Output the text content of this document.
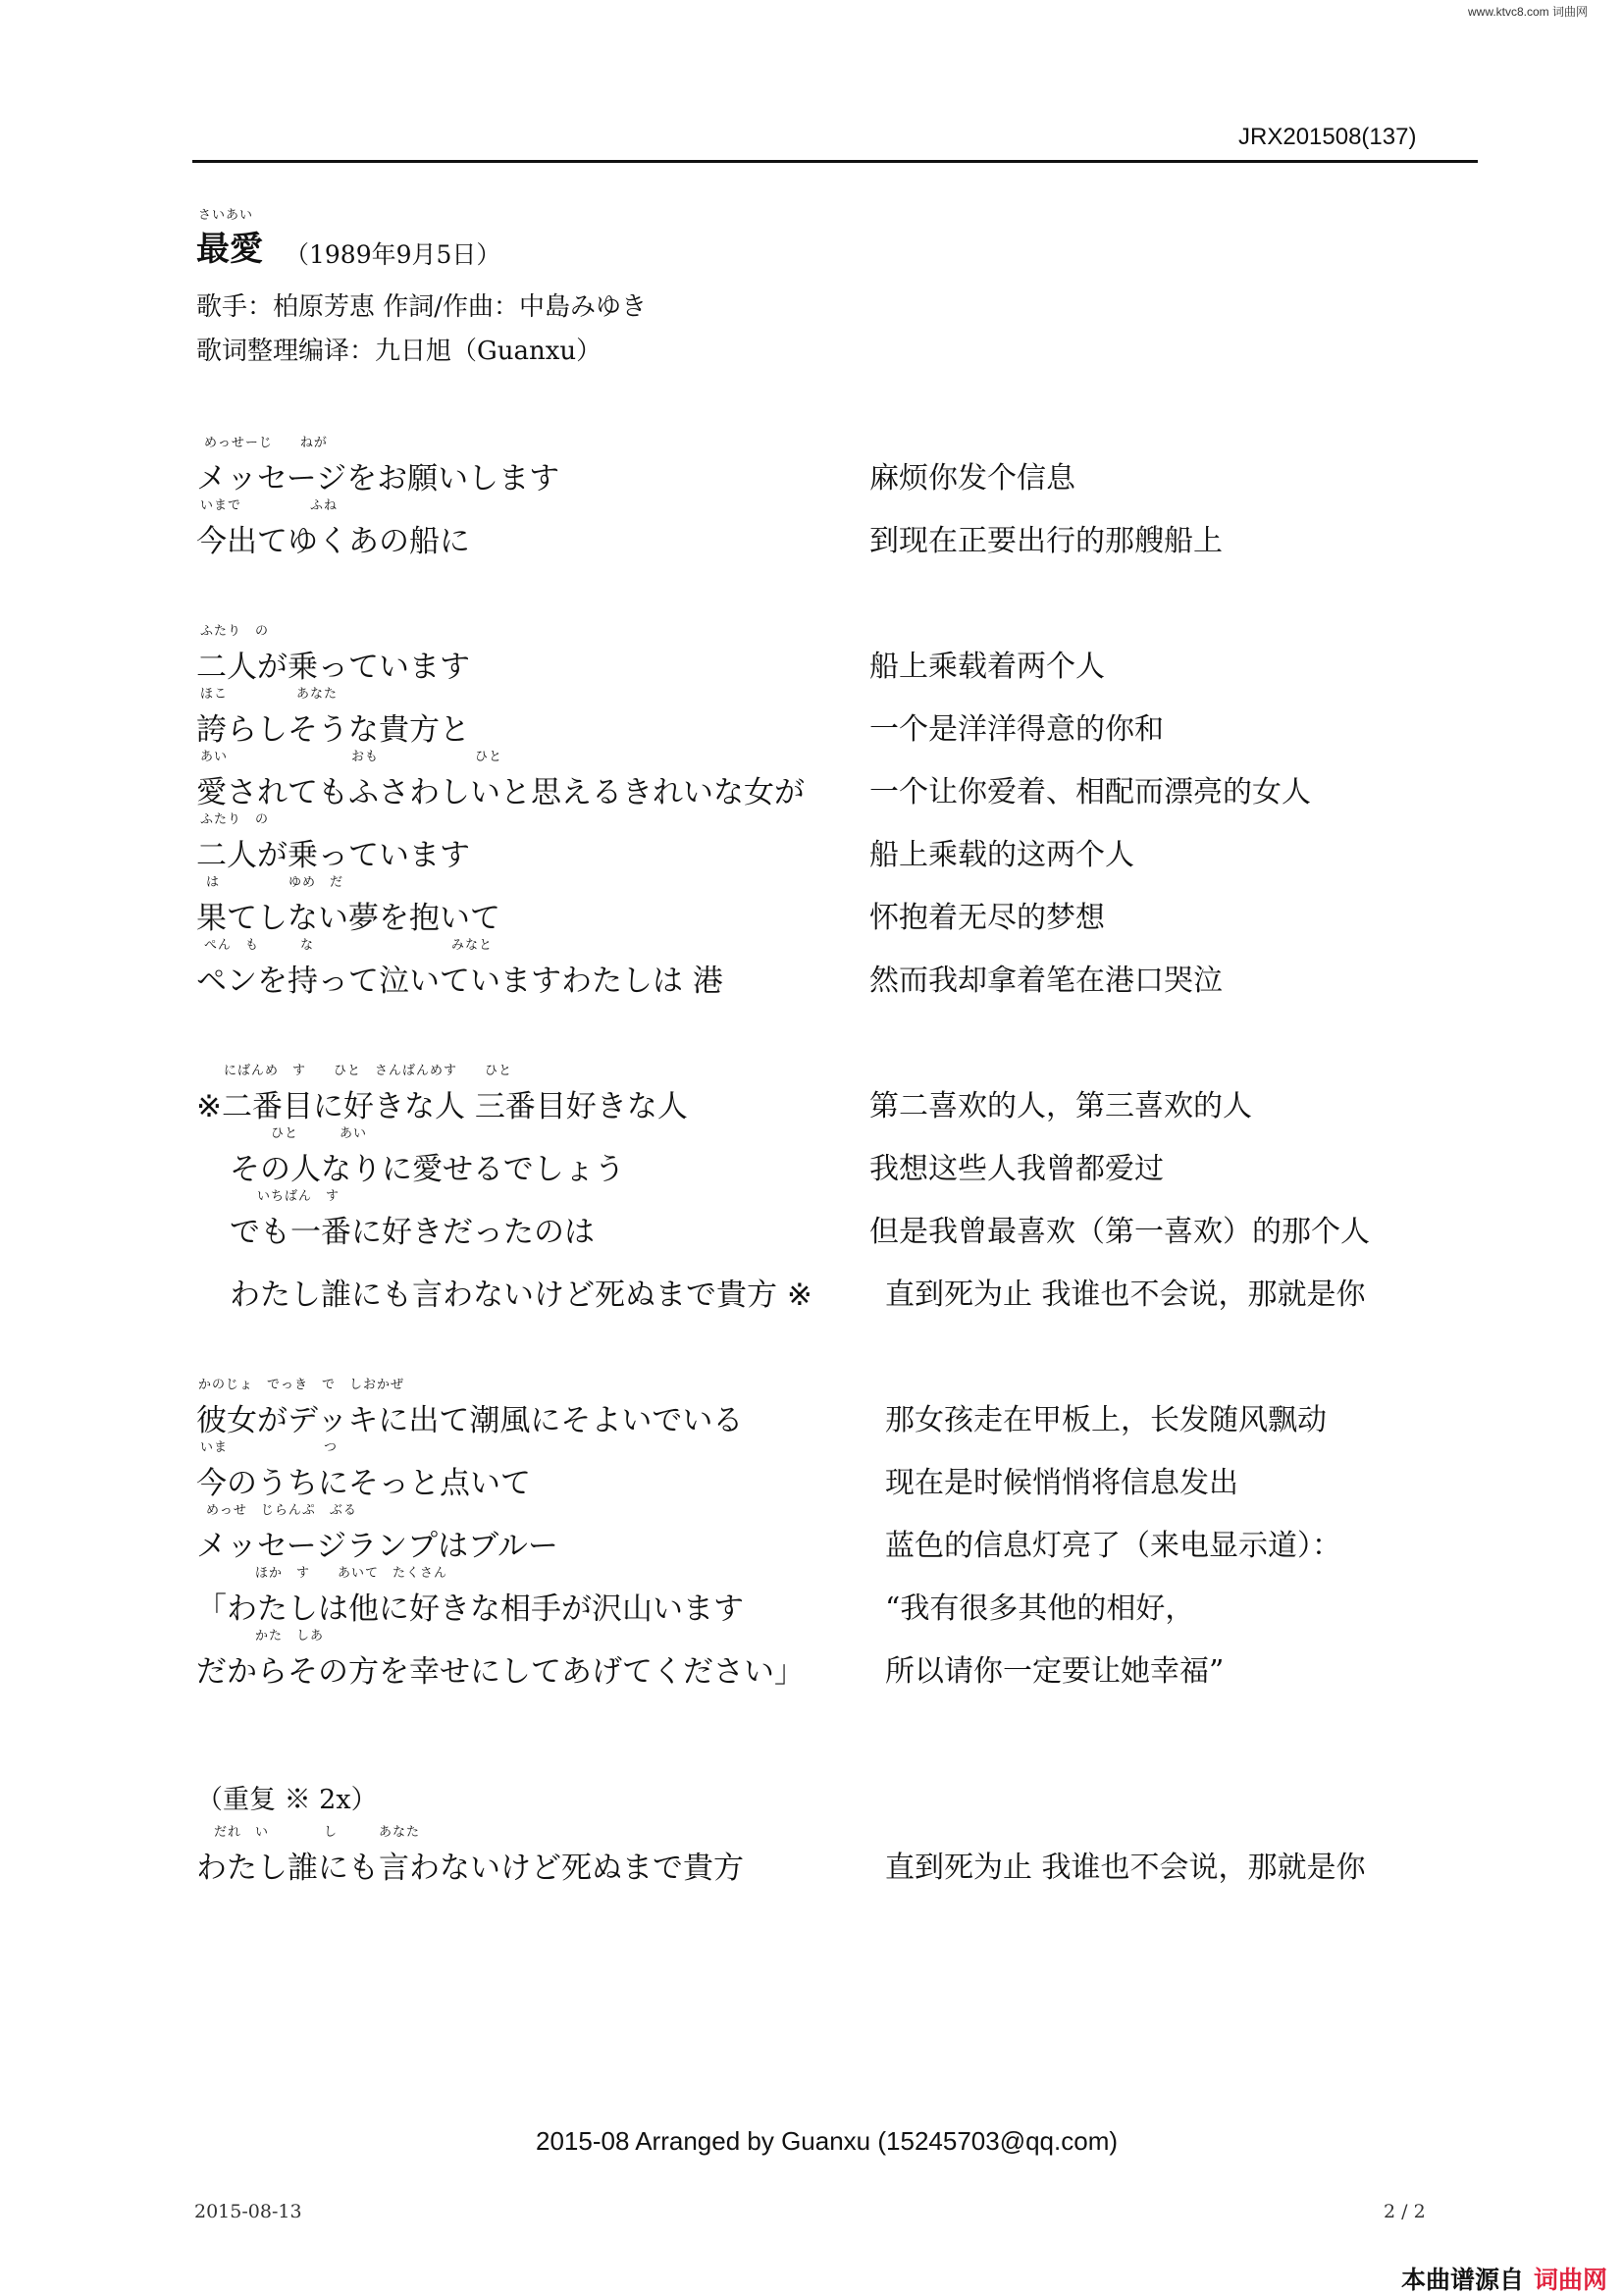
www.ktvc8.com 词曲网
JRX201508(137)
さいあい
最愛 （1989年9月5日）
歌手：柏原芳恵 作詞/作曲：中島みゆき
歌词整理编译：九日旭（Guanxu）
めっせーじ　　ねが
メッセージをお願いします	麻烦你发个信息
いまで　　　　　ふね
今出てゆくあの船に	到现在正要出行的那艘船上
ふたり　の
二人が乗っています	船上乘载着两个人
ほこ　　　　　あなた
誇らしそうな貴方と	一个是洋洋得意的你和
あい　　　　　　　　　おも　　　　　　　ひと
愛されてもふさわしいと思えるきれいな女が 一个让你爱着、相配而漂亮的女人
ふたり　の
二人が乗っています	船上乘载的这两个人
は　　　　　ゆめ　だ
果てしない夢を抱いて	怀抱着无尽的梦想
ぺん　も　　　な　　　　　　　　　　みなと
ペンを持って泣いていますわたしは 港	然而我却拿着笔在港口哭泣
　にばんめ　す　　ひと　さんばんめす　　ひと
※二番目に好きな人 三番目好きな人	第二喜欢的人，第三喜欢的人
　　　ひと　　　あい
その人なりに愛せるでしょう	我想这些人我曾都爱过
　　いちばん　す
でも一番に好きだったのは	但是我曾最喜欢（第一喜欢）的那个人
わたし誰にも言わないけど死ぬまで貴方 ※ 直到死为止 我谁也不会说，那就是你
かのじょ　でっき　で　しおかぜ
彼女がデッキに出て潮風にそよいでいる	那女孩走在甲板上，长发随风飘动
いま　　　　　　　つ
今のうちにそっと点いて	现在是时候悄悄将信息发出
めっせ　じらんぷ　ぶる
メッセージランプはブルー	蓝色的信息灯亮了（来电显示道）：
　　　　ほか　す　　あいて　たくさん
「わたしは他に好きな相手が沢山います	“我有很多其他的相好，
　　　　かた　しあ
だからその方を幸せにしてあげてください」	所以请你一定要让她幸福”
（重复 ※ 2x）
　だれ　い　　　　し　　　あなた
わたし誰にも言わないけど死ぬまで貴方	直到死为止 我谁也不会说，那就是你
2015-08 Arranged by Guanxu (15245703@qq.com)
2015-08-13	2 / 2
本曲谱源自 词曲网
